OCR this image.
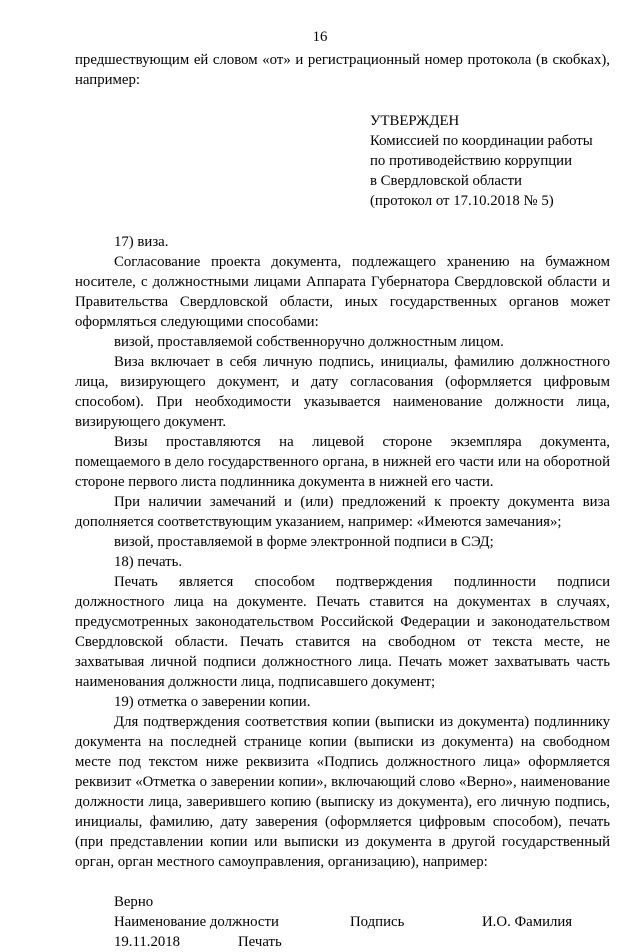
16

предшествующим ей словом «от» и регистрационный номер протокола (в скобках), например:

УТВЕРЖДЕН
Комиссией по координации работы
по противодействию коррупции
в Свердловской области
(протокол от 17.10.2018 № 5)

17) виза.

Согласование проекта документа, подлежащего хранению на бумажном носителе, с должностными лицами Аппарата Губернатора Свердловской области и Правительства Свердловской области, иных государственных органов может оформляться следующими способами:

визой, проставляемой собственноручно должностным лицом.

Виза включает в себя личную подпись, инициалы, фамилию должностного лица, визирующего документ, и дату согласования (оформляется цифровым способом). При необходимости указывается наименование должности лица, визирующего документ.

Визы проставляются на лицевой стороне экземпляра документа, помещаемого в дело государственного органа, в нижней его части или на оборотной стороне первого листа подлинника документа в нижней его части.

При наличии замечаний и (или) предложений к проекту документа виза дополняется соответствующим указанием, например: «Имеются замечания»;

визой, проставляемой в форме электронной подписи в СЭД;

18) печать.

Печать является способом подтверждения подлинности подписи должностного лица на документе. Печать ставится на документах в случаях, предусмотренных законодательством Российской Федерации и законодательством Свердловской области. Печать ставится на свободном от текста месте, не захватывая личной подписи должностного лица. Печать может захватывать часть наименования должности лица, подписавшего документ;

19) отметка о заверении копии.

Для подтверждения соответствия копии (выписки из документа) подлиннику документа на последней странице копии (выписки из документа) на свободном месте под текстом ниже реквизита «Подпись должностного лица» оформляется реквизит «Отметка о заверении копии», включающий слово «Верно», наименование должности лица, заверившего копию (выписку из документа), его личную подпись, инициалы, фамилию, дату заверения (оформляется цифровым способом), печать (при представлении копии или выписки из документа в другой государственный орган, орган местного самоуправления, организацию), например:

Верно
Наименование должности	Подпись	И.О. Фамилия
19.11.2018	Печать
